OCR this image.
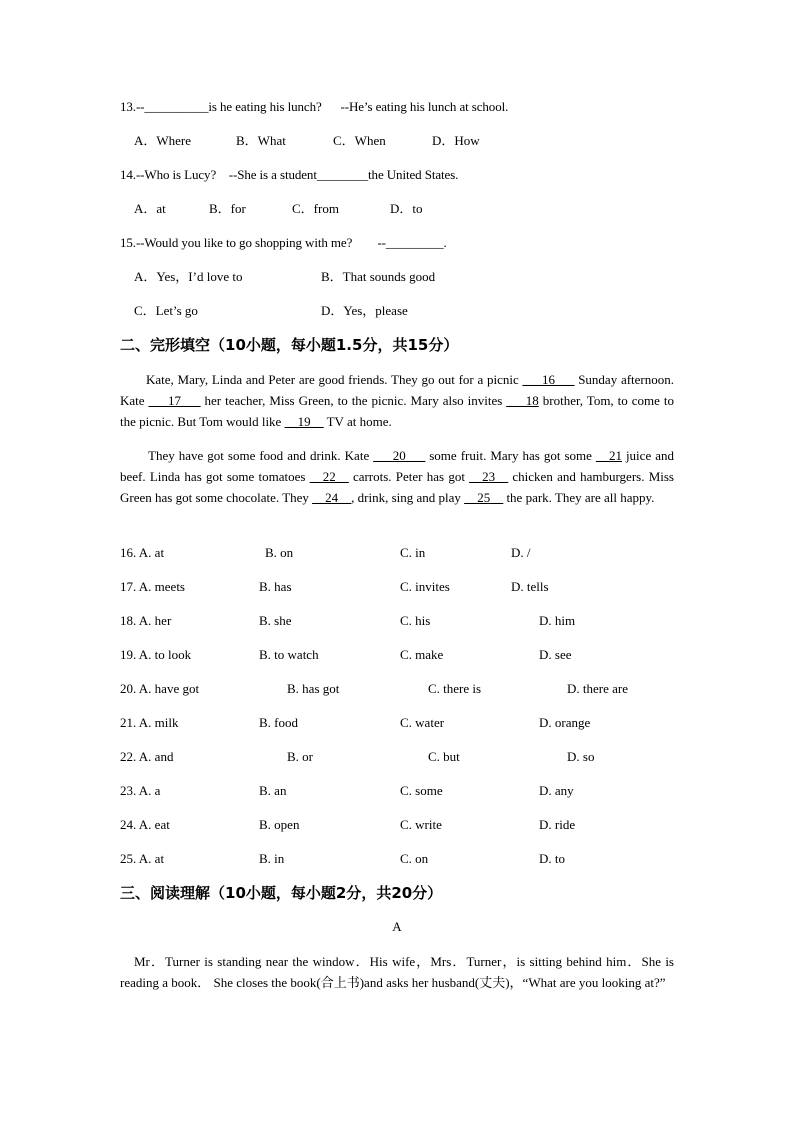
13.--__________is he eating his lunch?      --He’s eating his lunch at school.
A．Where	B．What	C．When	D．How
14.--Who is Lucy?    --She is a student________the United States.
A．at	B．for	C．from	D．to
15.--Would you like to go shopping with me?        --_________.
A．Yes，I’d love to	B．That sounds good
C．Let’s go	D．Yes，please
二、完形填空（10小题，每小题1.5分，共15分）
Kate, Mary, Linda and Peter are good friends. They go out for a picnic ___16___ Sunday afternoon. Kate ___17___ her teacher, Miss Green, to the picnic. Mary also invites ___18 brother, Tom, to come to the picnic. But Tom would like __19__ TV at home.
They have got some food and drink. Kate ___20___ some fruit. Mary has got some __21 juice and beef. Linda has got some tomatoes __22__ carrots. Peter has got __23__ chicken and hamburgers. Miss Green has got some chocolate. They __24__, drink, sing and play __25__ the park. They are all happy.
16. A. at	B. on	C. in	D. /
17. A. meets	B. has	C. invites	D. tells
18. A. her	B. she	C. his	D. him
19. A. to look	B. to watch	C. make	D. see
20. A. have got	B. has got	C. there is	D. there are
21. A. milk	B. food	C. water	D. orange
22. A. and	B. or	C. but	D. so
23. A. a	B. an	C. some	D. any
24. A. eat	B. open	C. write	D. ride
25. A. at	B. in	C. on	D. to
三、阅读理解（10小题，每小题2分，共20分）
A
Mr．Turner is standing near the window．His wife，Mrs．Turner，is sitting behind him．She is reading a book． She closes the book(合上书)and asks her husband(丈夫)，“What are you looking at?”
